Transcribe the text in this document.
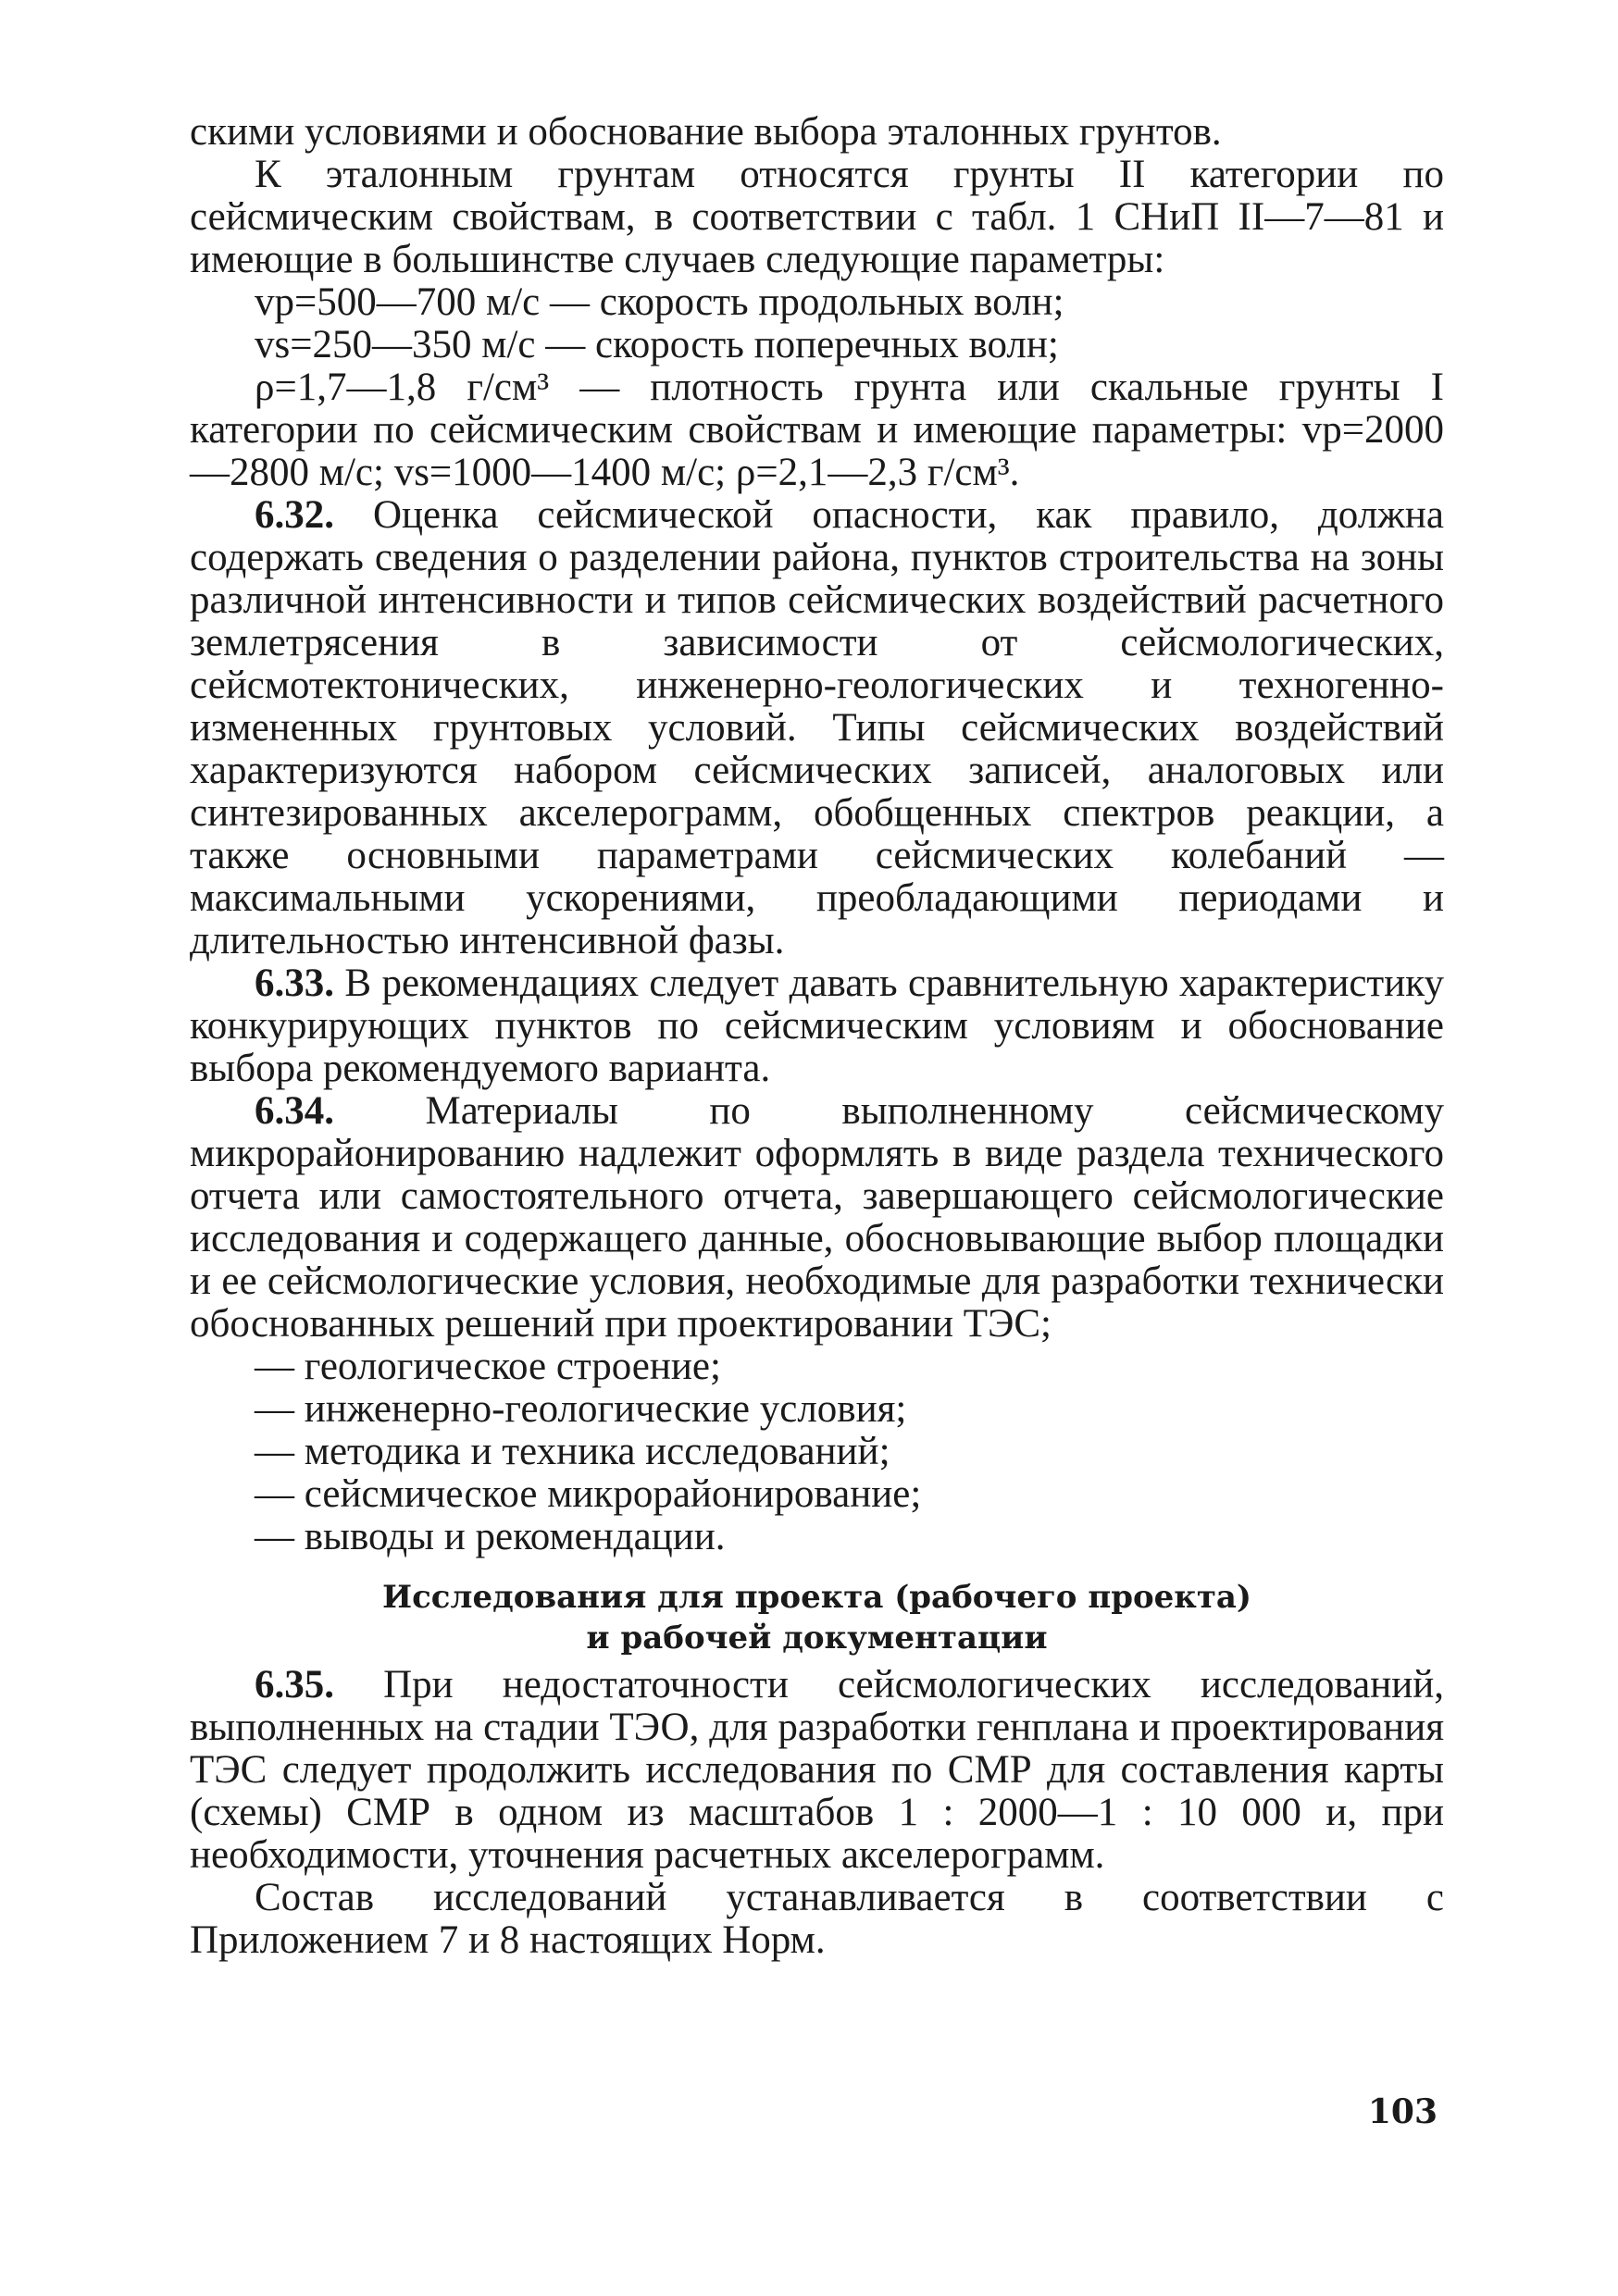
скими условиями и обоснование выбора эталонных грунтов.

К эталонным грунтам относятся грунты II категории по сейсмическим свойствам, в соответствии с табл. 1 СНиП II—7—81 и имеющие в большинстве случаев следующие параметры:

vp=500—700 м/с — скорость продольных волн;

vs=250—350 м/с — скорость поперечных волн;

ρ=1,7—1,8 г/см³ — плотность грунта или скальные грунты I категории по сейсмическим свойствам и имеющие параметры: vp=2000—2800 м/с; vs=1000—1400 м/с; ρ=2,1—2,3 г/см³.

6.32. Оценка сейсмической опасности, как правило, должна содержать сведения о разделении района, пунктов строительства на зоны различной интенсивности и типов сейсмических воздействий расчетного землетрясения в зависимости от сейсмологических, сейсмотектонических, инженерно-геологических и техногенно-измененных грунтовых условий. Типы сейсмических воздействий характеризуются набором сейсмических записей, аналоговых или синтезированных акселерограмм, обобщенных спектров реакции, а также основными параметрами сейсмических колебаний — максимальными ускорениями, преобладающими периодами и длительностью интенсивной фазы.

6.33. В рекомендациях следует давать сравнительную характеристику конкурирующих пунктов по сейсмическим условиям и обоснование выбора рекомендуемого варианта.

6.34. Материалы по выполненному сейсмическому микрорайонированию надлежит оформлять в виде раздела технического отчета или самостоятельного отчета, завершающего сейсмологические исследования и содержащего данные, обосновывающие выбор площадки и ее сейсмологические условия, необходимые для разработки технически обоснованных решений при проектировании ТЭС;

— геологическое строение;

— инженерно-геологические условия;

— методика и техника исследований;

— сейсмическое микрорайонирование;

— выводы и рекомендации.

Исследования для проекта (рабочего проекта)
и рабочей документации

6.35. При недостаточности сейсмологических исследований, выполненных на стадии ТЭО, для разработки генплана и проектирования ТЭС следует продолжить исследования по СМР для составления карты (схемы) СМР в одном из масштабов 1 : 2000—1 : 10 000 и, при необходимости, уточнения расчетных акселерограмм.

Состав исследований устанавливается в соответствии с Приложением 7 и 8 настоящих Норм.

103
